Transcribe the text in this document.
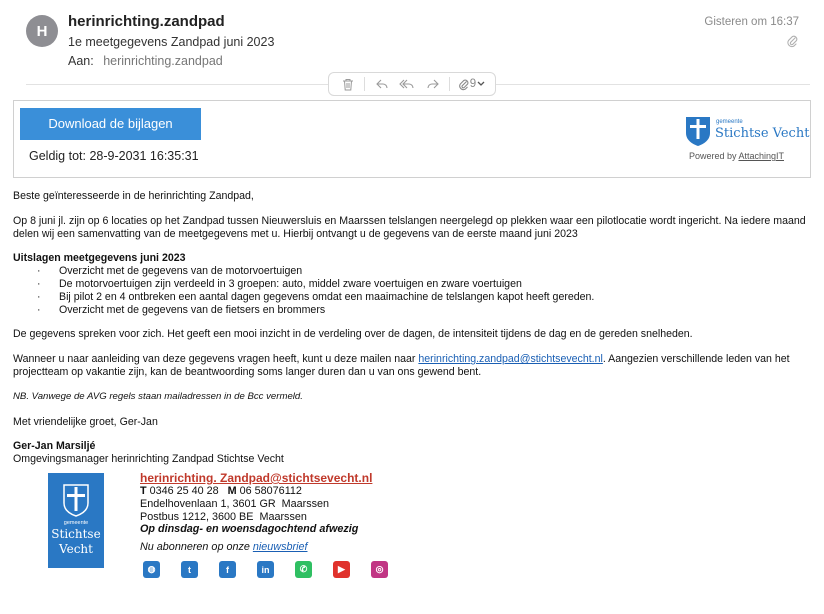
H
herinrichting.zandpad
1e meetgegevens Zandpad juni 2023
Aan: herinrichting.zandpad
Gisteren om 16:37
9
Download de bijlagen
Geldig tot: 28-9-2031 16:35:31
gemeente
Stichtse Vecht
Powered by AttachingIT

Beste geïnteresseerde in de herinrichting Zandpad,

Op 8 juni jl. zijn op 6 locaties op het Zandpad tussen Nieuwersluis en Maarssen telslangen neergelegd op plekken waar een pilotlocatie wordt ingericht. Na iedere maand delen wij een samenvatting van de meetgegevens met u. Hierbij ontvangt u de gegevens van de eerste maand juni 2023

Uitslagen meetgegevens juni 2023

· Overzicht met de gegevens van de motorvoertuigen
· De motorvoertuigen zijn verdeeld in 3 groepen: auto, middel zware voertuigen en zware voertuigen
· Bij pilot 2 en 4 ontbreken een aantal dagen gegevens omdat een maaimachine de telslangen kapot heeft gereden.
· Overzicht met de gegevens van de fietsers en brommers

De gegevens spreken voor zich. Het geeft een mooi inzicht in de verdeling over de dagen, de intensiteit tijdens de dag en de gereden snelheden.

Wanneer u naar aanleiding van deze gegevens vragen heeft, kunt u deze mailen naar herinrichting.zandpad@stichtsevecht.nl. Aangezien verschillende leden van het projectteam op vakantie zijn, kan de beantwoording soms langer duren dan u van ons gewend bent.

NB. Vanwege de AVG regels staan mailadressen in de Bcc vermeld.

Met vriendelijke groet, Ger-Jan

Ger-Jan Marsiljé

Omgevingsmanager herinrichting Zandpad Stichtse Vecht

gemeente
Stichtse
Vecht
herinrichting. Zandpad@stichtsevecht.nl
T 0346 25 40 28   M 06 58076112
Endelhovenlaan 1, 3601 GR  Maarssen
Postbus 1212, 3600 BE  Maarssen
Op dinsdag- en woensdagochtend afwezig
Nu abonneren op onze nieuwsbrief
◍	t	f	in	✆	▶	◎
